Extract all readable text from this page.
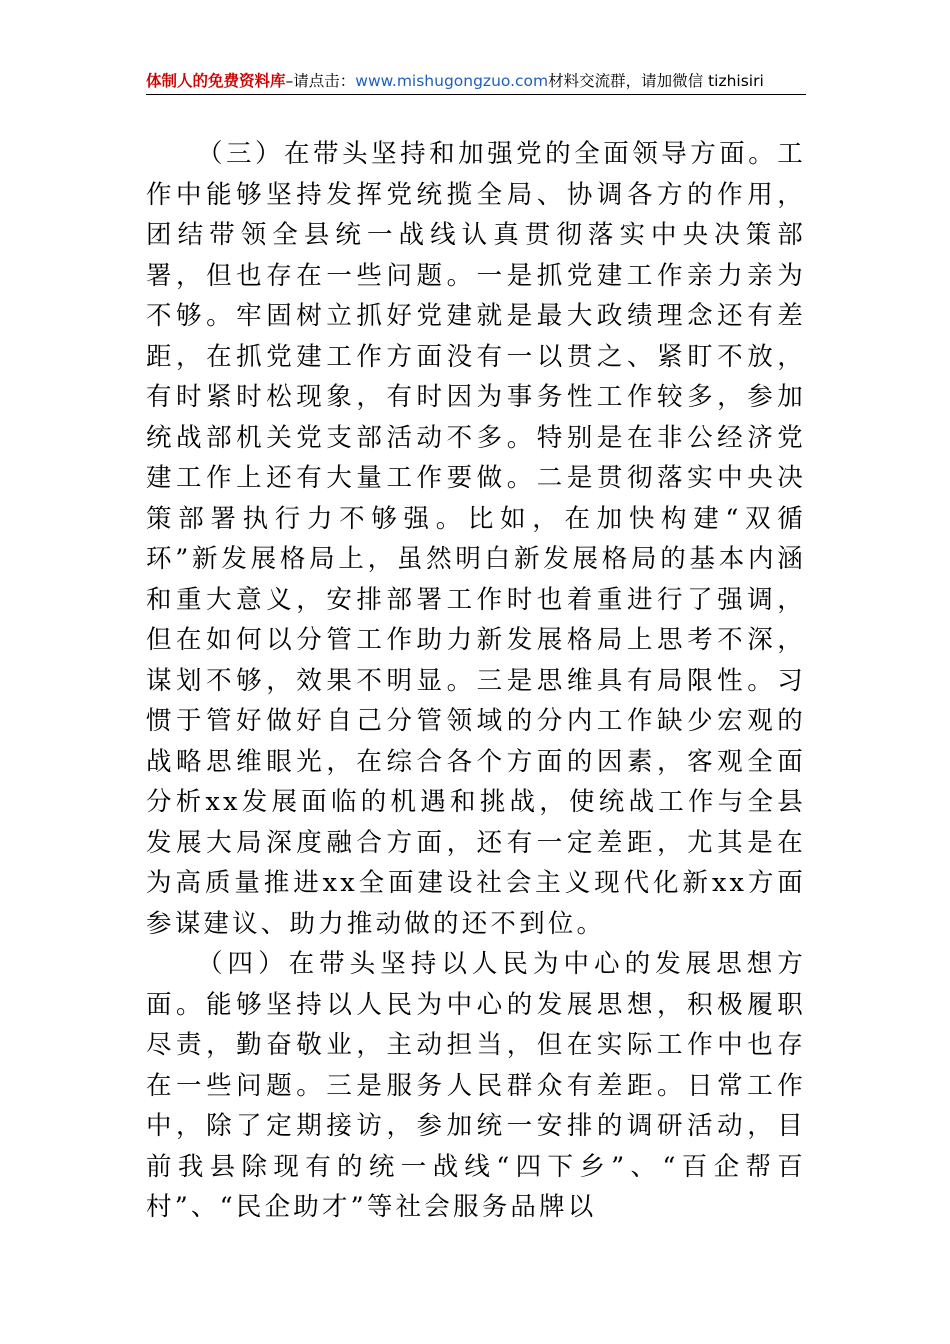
体制人的免费资料库–请点击：www.mishugongzuo.com材料交流群，请加微信 tizhisiri

（三）在带头坚持和加强党的全面领导方面。工作中能够坚持发挥党统揽全局、协调各方的作用，团结带领全县统一战线认真贯彻落实中央决策部署，但也存在一些问题。一是抓党建工作亲力亲为不够。牢固树立抓好党建就是最大政绩理念还有差距，在抓党建工作方面没有一以贯之、紧盯不放，有时紧时松现象，有时因为事务性工作较多，参加统战部机关党支部活动不多。特别是在非公经济党建工作上还有大量工作要做。二是贯彻落实中央决策部署执行力不够强。比如，在加快构建“双循环”新发展格局上，虽然明白新发展格局的基本内涵和重大意义，安排部署工作时也着重进行了强调，但在如何以分管工作助力新发展格局上思考不深，谋划不够，效果不明显。三是思维具有局限性。习惯于管好做好自己分管领域的分内工作缺少宏观的战略思维眼光，在综合各个方面的因素，客观全面分析xx发展面临的机遇和挑战，使统战工作与全县发展大局深度融合方面，还有一定差距，尤其是在为高质量推进xx全面建设社会主义现代化新xx方面参谋建议、助力推动做的还不到位。

（四）在带头坚持以人民为中心的发展思想方面。能够坚持以人民为中心的发展思想，积极履职尽责，勤奋敬业，主动担当，但在实际工作中也存在一些问题。三是服务人民群众有差距。日常工作中，除了定期接访，参加统一安排的调研活动，目前我县除现有的统一战线“四下乡”、“百企帮百村”、“民企助才”等社会服务品牌以
